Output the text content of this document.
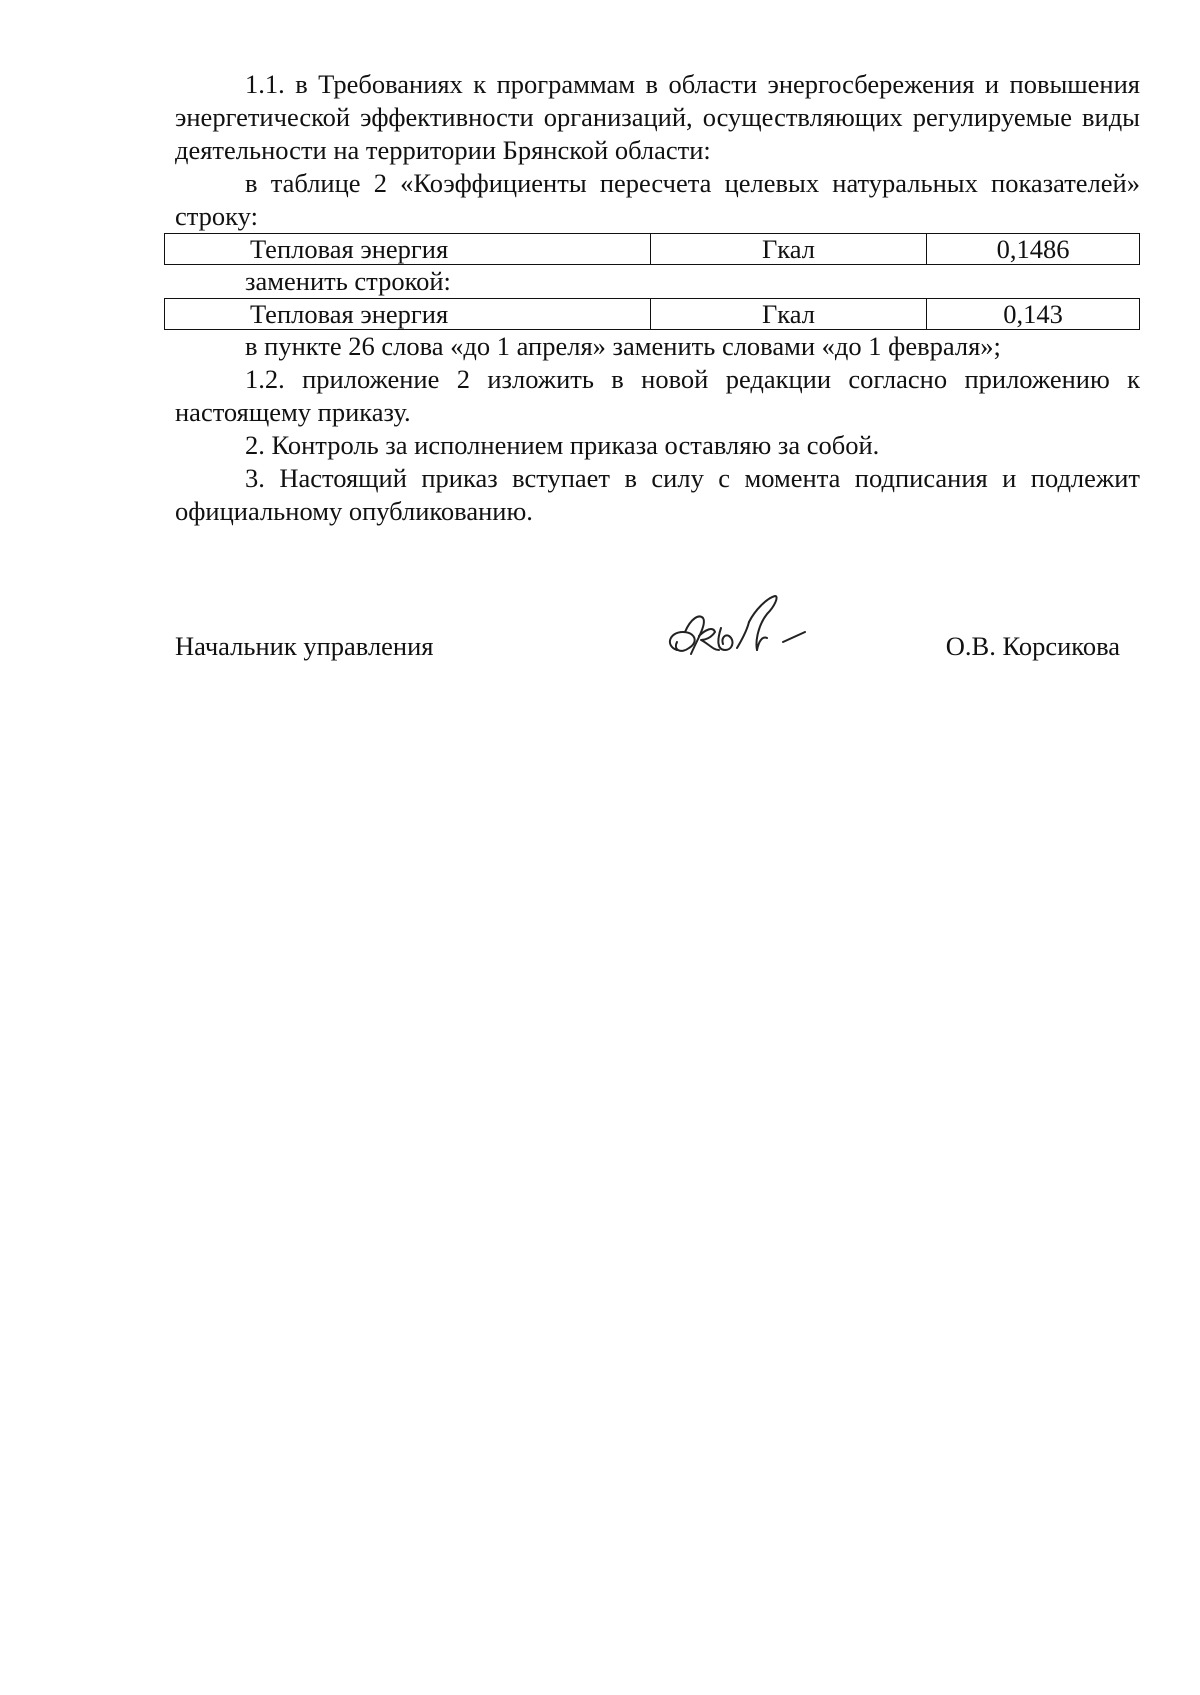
1.1. в Требованиях к программам в области энергосбережения и повышения энергетической эффективности организаций, осуществляющих регулируемые виды деятельности на территории Брянской области:

в таблице 2 «Коэффициенты пересчета целевых натуральных показателей» строку:

Тепловая энергия	Гкал	0,1486
заменить строкой:
Тепловая энергия	Гкал	0,143

в пункте 26 слова «до 1 апреля» заменить словами «до 1 февраля»;

1.2. приложение 2 изложить в новой редакции согласно приложению к настоящему приказу.

2. Контроль за исполнением приказа оставляю за собой.

3. Настоящий приказ вступает в силу с момента подписания и подлежит официальному опубликованию.

Начальник управления	О.В. Корсикова
